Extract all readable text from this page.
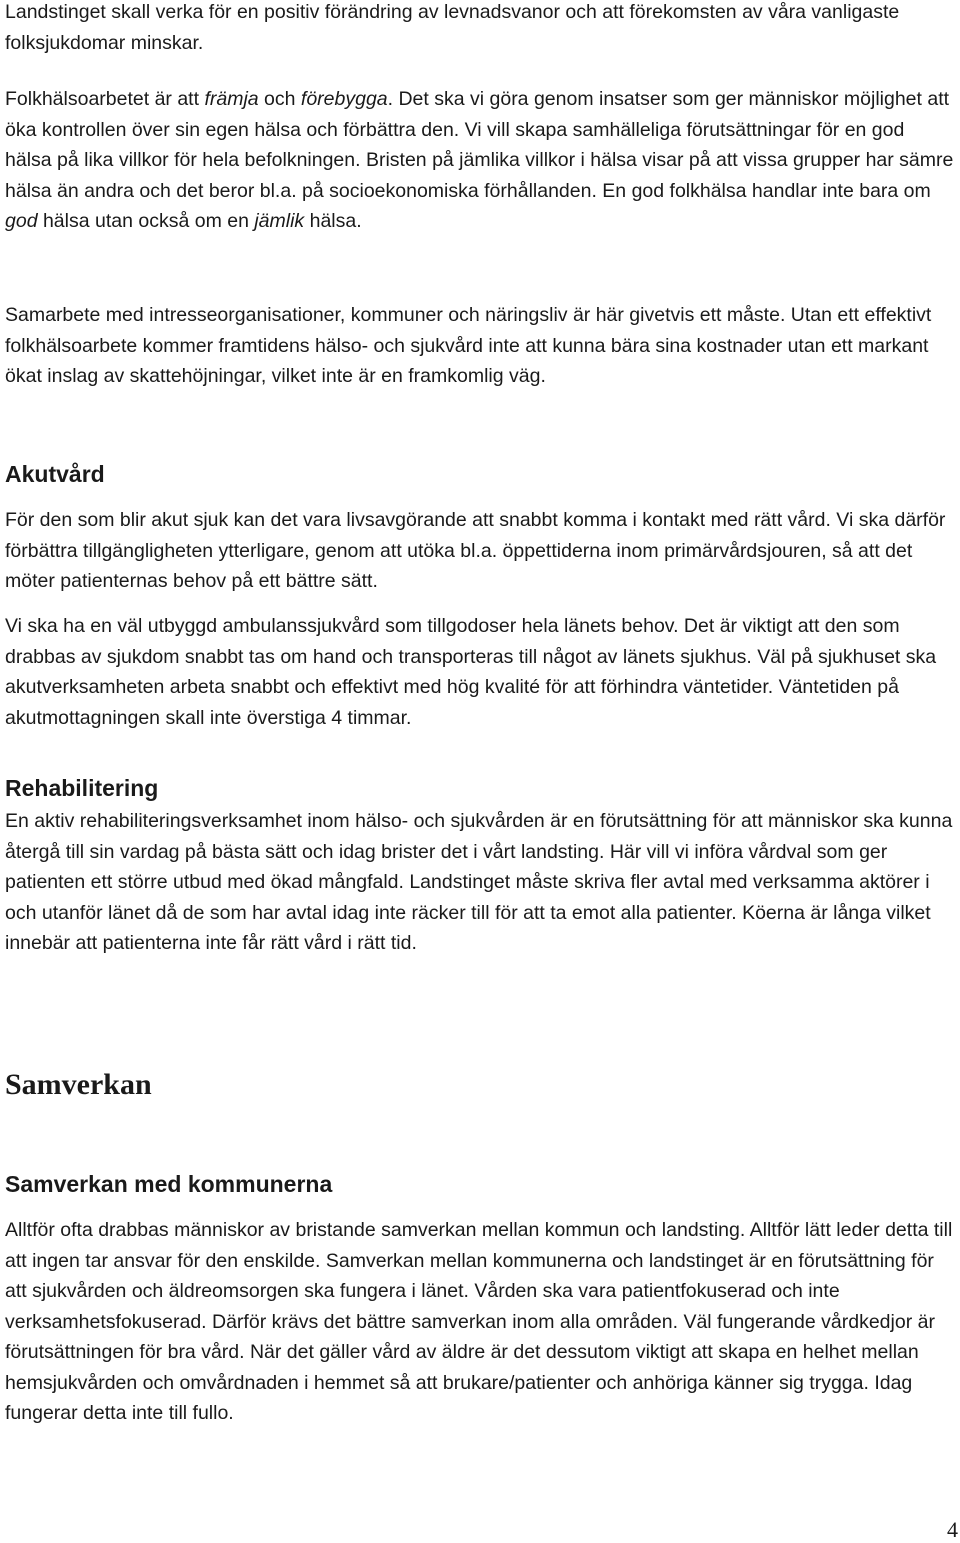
Landstinget skall verka för en positiv förändring av levnadsvanor och att förekomsten av våra vanligaste folksjukdomar minskar.

Folkhälsoarbetet är att främja och förebygga. Det ska vi göra genom insatser som ger människor möjlighet att öka kontrollen över sin egen hälsa och förbättra den. Vi vill skapa samhälleliga förutsättningar för en god hälsa på lika villkor för hela befolkningen. Bristen på jämlika villkor i hälsa visar på att vissa grupper har sämre hälsa än andra och det beror bl.a. på socioekonomiska förhållanden. En god folkhälsa handlar inte bara om god hälsa utan också om en jämlik hälsa.

Samarbete med intresseorganisationer, kommuner och näringsliv är här givetvis ett måste. Utan ett effektivt folkhälsoarbete kommer framtidens hälso- och sjukvård inte att kunna bära sina kostnader utan ett markant ökat inslag av skattehöjningar, vilket inte är en framkomlig väg.

Akutvård

För den som blir akut sjuk kan det vara livsavgörande att snabbt komma i kontakt med rätt vård. Vi ska därför förbättra tillgängligheten ytterligare, genom att utöka bl.a. öppettiderna inom primärvårdsjouren, så att det möter patienternas behov på ett bättre sätt.

Vi ska ha en väl utbyggd ambulanssjukvård som tillgodoser hela länets behov. Det är viktigt att den som drabbas av sjukdom snabbt tas om hand och transporteras till något av länets sjukhus. Väl på sjukhuset ska akutverksamheten arbeta snabbt och effektivt med hög kvalité för att förhindra väntetider. Väntetiden på akutmottagningen skall inte överstiga 4 timmar.

Rehabilitering

En aktiv rehabiliteringsverksamhet inom hälso- och sjukvården är en förutsättning för att människor ska kunna återgå till sin vardag på bästa sätt och idag brister det i vårt landsting. Här vill vi införa vårdval som ger patienten ett större utbud med ökad mångfald. Landstinget måste skriva fler avtal med verksamma aktörer i och utanför länet då de som har avtal idag inte räcker till för att ta emot alla patienter. Köerna är långa vilket innebär att patienterna inte får rätt vård i rätt tid.

Samverkan
Samverkan med kommunerna

Alltför ofta drabbas människor av bristande samverkan mellan kommun och landsting. Alltför lätt leder detta till att ingen tar ansvar för den enskilde. Samverkan mellan kommunerna och landstinget är en förutsättning för att sjukvården och äldreomsorgen ska fungera i länet. Vården ska vara patientfokuserad och inte verksamhetsfokuserad. Därför krävs det bättre samverkan inom alla områden. Väl fungerande vårdkedjor är förutsättningen för bra vård. När det gäller vård av äldre är det dessutom viktigt att skapa en helhet mellan hemsjukvården och omvårdnaden i hemmet så att brukare/patienter och anhöriga känner sig trygga. Idag fungerar detta inte till fullo.

4
